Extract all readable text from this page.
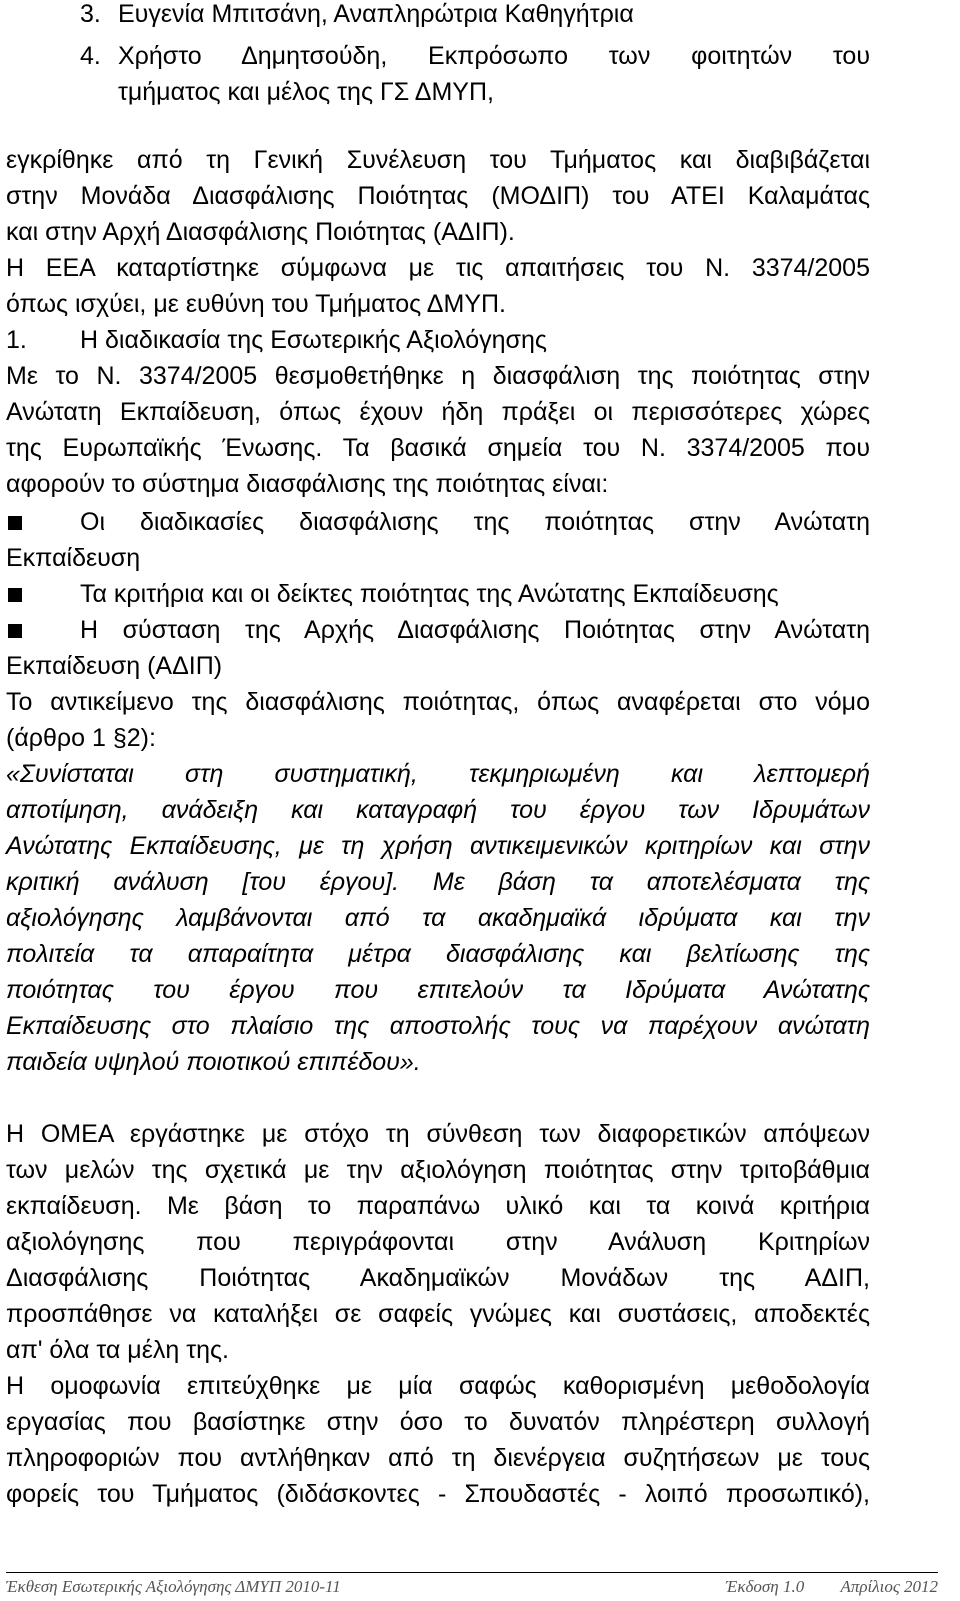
3. Ευγενία Μπιτσάνη, Αναπληρώτρια Καθηγήτρια
4. Χρήστο Δημητσούδη, Εκπρόσωπο των φοιτητών του
τμήματος και μέλος της ΓΣ ΔΜΥΠ,
εγκρίθηκε από τη Γενική Συνέλευση του Τμήματος και διαβιβάζεται
στην Μονάδα Διασφάλισης Ποιότητας (ΜΟΔΙΠ) του ΑΤΕΙ Καλαμάτας
και στην Αρχή Διασφάλισης Ποιότητας (ΑΔΙΠ).
Η ΕΕΑ καταρτίστηκε σύμφωνα με τις απαιτήσεις του Ν. 3374/2005
όπως ισχύει, με ευθύνη του Τμήματος ΔΜΥΠ.
1. Η διαδικασία της Εσωτερικής Αξιολόγησης
Με το Ν. 3374/2005 θεσμοθετήθηκε η διασφάλιση της ποιότητας στην
Ανώτατη Εκπαίδευση, όπως έχουν ήδη πράξει οι περισσότερες χώρες
της Ευρωπαϊκής Ένωσης. Τα βασικά σημεία του Ν. 3374/2005 που
αφορούν το σύστημα διασφάλισης της ποιότητας είναι:
Οι διαδικασίες διασφάλισης της ποιότητας στην Ανώτατη
Εκπαίδευση
Τα κριτήρια και οι δείκτες ποιότητας της Ανώτατης Εκπαίδευσης
Η σύσταση της Αρχής Διασφάλισης Ποιότητας στην Ανώτατη
Εκπαίδευση (ΑΔΙΠ)
Το αντικείμενο της διασφάλισης ποιότητας, όπως αναφέρεται στο νόμο
(άρθρο 1 §2):
«Συνίσταται στη συστηματική, τεκμηριωμένη και λεπτομερή
αποτίμηση, ανάδειξη και καταγραφή του έργου των Ιδρυμάτων
Ανώτατης Εκπαίδευσης, με τη χρήση αντικειμενικών κριτηρίων και στην
κριτική ανάλυση [του έργου]. Με βάση τα αποτελέσματα της
αξιολόγησης λαμβάνονται από τα ακαδημαϊκά ιδρύματα και την
πολιτεία τα απαραίτητα μέτρα διασφάλισης και βελτίωσης της
ποιότητας του έργου που επιτελούν τα Ιδρύματα Ανώτατης
Εκπαίδευσης στο πλαίσιο της αποστολής τους να παρέχουν ανώτατη
παιδεία υψηλού ποιοτικού επιπέδου».
Η ΟΜΕΑ εργάστηκε με στόχο τη σύνθεση των διαφορετικών απόψεων
των μελών της σχετικά με την αξιολόγηση ποιότητας στην τριτοβάθμια
εκπαίδευση. Με βάση το παραπάνω υλικό και τα κοινά κριτήρια
αξιολόγησης που περιγράφονται στην Ανάλυση Κριτηρίων
Διασφάλισης Ποιότητας Ακαδημαϊκών Μονάδων της ΑΔΙΠ,
προσπάθησε να καταλήξει σε σαφείς γνώμες και συστάσεις, αποδεκτές
απ' όλα τα μέλη της.
Η ομοφωνία επιτεύχθηκε με μία σαφώς καθορισμένη μεθοδολογία
εργασίας που βασίστηκε στην όσο το δυνατόν πληρέστερη συλλογή
πληροφοριών που αντλήθηκαν από τη διενέργεια συζητήσεων με τους
φορείς του Τμήματος (διδάσκοντες - Σπουδαστές - λοιπό προσωπικό),
Έκθεση Εσωτερικής Αξιολόγησης ΔΜΥΠ 2010-11	Έκδοση 1.0 Απρίλιος 2012
